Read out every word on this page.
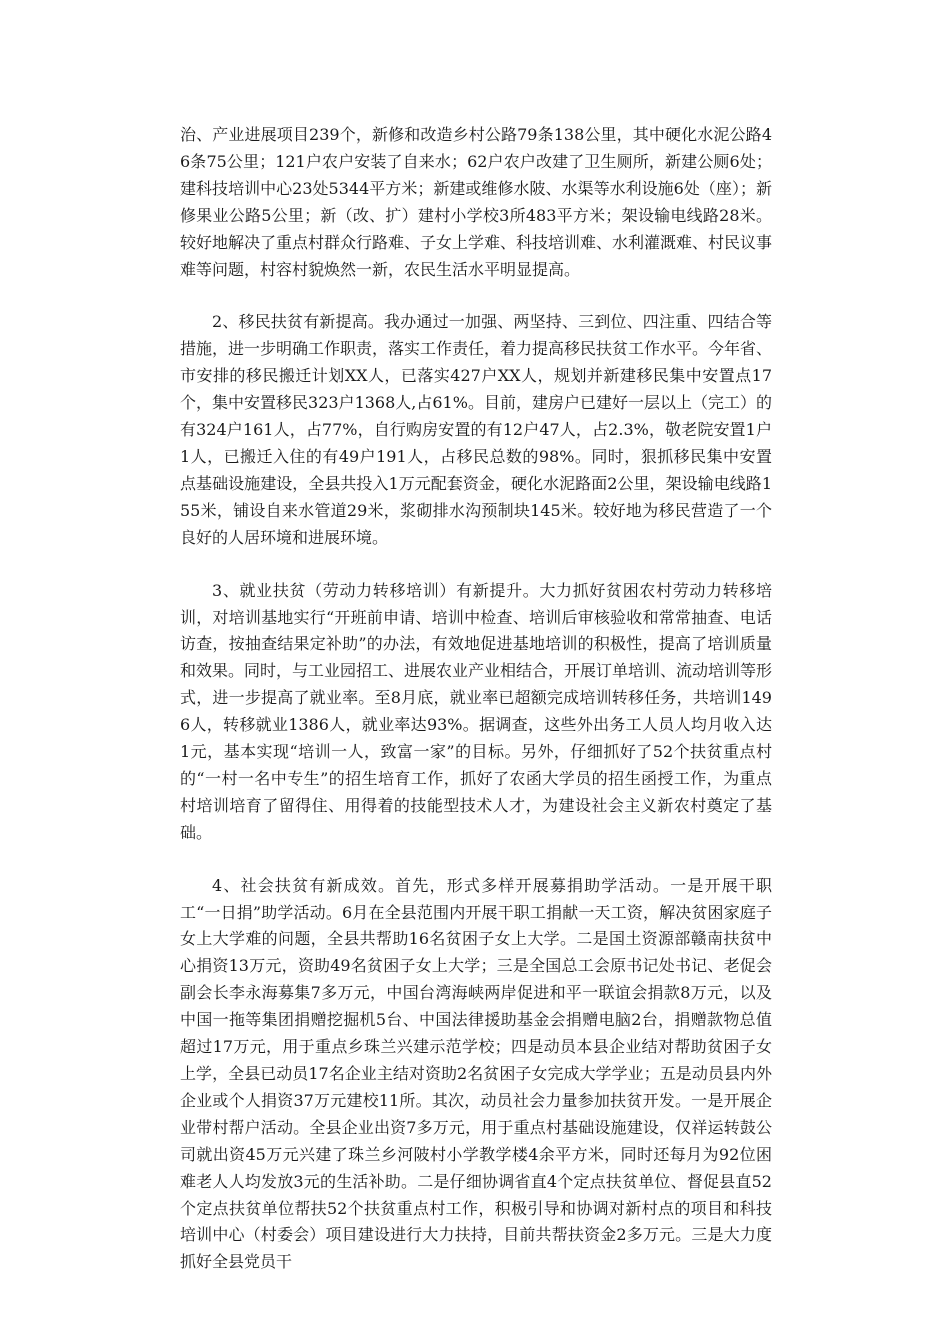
治、产业进展项目239个，新修和改造乡村公路79条138公里，其中硬化水泥公路46条75公里；121户农户安装了自来水；62户农户改建了卫生厕所，新建公厕6处；建科技培训中心23处5344平方米；新建或维修水陂、水渠等水利设施6处（座）；新修果业公路5公里；新（改、扩）建村小学校3所483平方米；架设输电线路28米。较好地解决了重点村群众行路难、子女上学难、科技培训难、水利灌溉难、村民议事难等问题，村容村貌焕然一新，农民生活水平明显提高。

2、移民扶贫有新提高。我办通过一加强、两坚持、三到位、四注重、四结合等措施，进一步明确工作职责，落实工作责任，着力提高移民扶贫工作水平。今年省、市安排的移民搬迁计划XX人，已落实427户XX人，规划并新建移民集中安置点17个，集中安置移民323户1368人,占61%。目前，建房户已建好一层以上（完工）的有324户161人，占77%，自行购房安置的有12户47人，占2.3%，敬老院安置1户1人，已搬迁入住的有49户191人，占移民总数的98%。同时，狠抓移民集中安置点基础设施建设，全县共投入1万元配套资金，硬化水泥路面2公里，架设输电线路155米，铺设自来水管道29米，浆砌排水沟预制块145米。较好地为移民营造了一个良好的人居环境和进展环境。

3、就业扶贫（劳动力转移培训）有新提升。大力抓好贫困农村劳动力转移培训，对培训基地实行“开班前申请、培训中检查、培训后审核验收和常常抽查、电话访查，按抽查结果定补助”的办法，有效地促进基地培训的积极性，提高了培训质量和效果。同时，与工业园招工、进展农业产业相结合，开展订单培训、流动培训等形式，进一步提高了就业率。至8月底，就业率已超额完成培训转移任务，共培训1496人，转移就业1386人，就业率达93%。据调查，这些外出务工人员人均月收入达1元，基本实现“培训一人，致富一家”的目标。另外，仔细抓好了52个扶贫重点村的“一村一名中专生”的招生培育工作，抓好了农函大学员的招生函授工作，为重点村培训培育了留得住、用得着的技能型技术人才，为建设社会主义新农村奠定了基础。

4、社会扶贫有新成效。首先，形式多样开展募捐助学活动。一是开展干职工“一日捐”助学活动。6月在全县范围内开展干职工捐献一天工资，解决贫困家庭子女上大学难的问题，全县共帮助16名贫困子女上大学。二是国土资源部赣南扶贫中心捐资13万元，资助49名贫困子女上大学；三是全国总工会原书记处书记、老促会副会长李永海募集7多万元，中国台湾海峡两岸促进和平一联谊会捐款8万元，以及中国一拖等集团捐赠挖掘机5台、中国法律援助基金会捐赠电脑2台，捐赠款物总值超过17万元，用于重点乡珠兰兴建示范学校；四是动员本县企业结对帮助贫困子女上学，全县已动员17名企业主结对资助2名贫困子女完成大学学业；五是动员县内外企业或个人捐资37万元建校11所。其次，动员社会力量参加扶贫开发。一是开展企业带村帮户活动。全县企业出资7多万元，用于重点村基础设施建设，仅祥运转鼓公司就出资45万元兴建了珠兰乡河陂村小学教学楼4余平方米，同时还每月为92位困难老人人均发放3元的生活补助。二是仔细协调省直4个定点扶贫单位、督促县直52个定点扶贫单位帮扶52个扶贫重点村工作，积极引导和协调对新村点的项目和科技培训中心（村委会）项目建设进行大力扶持，目前共帮扶资金2多万元。三是大力度抓好全县党员干
